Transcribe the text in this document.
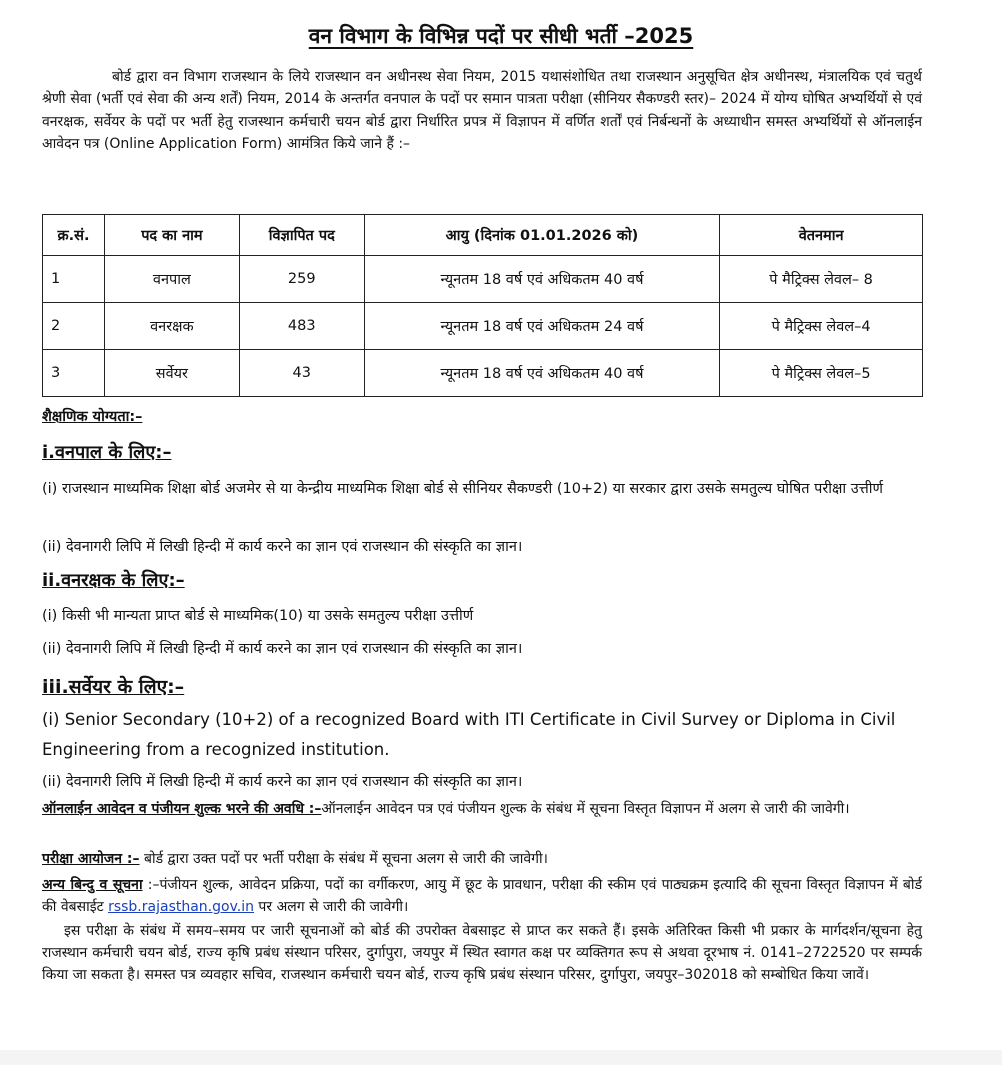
वन विभाग के विभिन्न पदों पर सीधी भर्ती –2025
बोर्ड द्वारा वन विभाग राजस्थान के लिये राजस्थान वन अधीनस्थ सेवा नियम, 2015 यथासंशोधित तथा राजस्थान अनुसूचित क्षेत्र अधीनस्थ, मंत्रालयिक एवं चतुर्थ श्रेणी सेवा (भर्ती एवं सेवा की अन्य शर्तें) नियम, 2014 के अन्तर्गत वनपाल के पदों पर समान पात्रता परीक्षा (सीनियर सैकण्डरी स्तर)– 2024 में योग्य घोषित अभ्यर्थियों से एवं वनरक्षक, सर्वेयर के पदों पर भर्ती हेतु राजस्थान कर्मचारी चयन बोर्ड द्वारा निर्धारित प्रपत्र में विज्ञापन में वर्णित शर्तों एवं निर्बन्धनों के अध्याधीन समस्त अभ्यर्थियों से ऑनलाईन आवेदन पत्र (Online Application Form) आमंत्रित किये जाने हैं :–
क्र.सं.	पद का नाम	विज्ञापित पद	आयु (दिनांक 01.01.2026 को)	वेतनमान
1	वनपाल	259	न्यूनतम 18 वर्ष एवं अधिकतम 40 वर्ष	पे मैट्रिक्स लेवल– 8
2	वनरक्षक	483	न्यूनतम 18 वर्ष एवं अधिकतम 24 वर्ष	पे मैट्रिक्स लेवल–4
3	सर्वेयर	43	न्यूनतम 18 वर्ष एवं अधिकतम 40 वर्ष	पे मैट्रिक्स लेवल–5
शैक्षणिक योग्यता:–
i.वनपाल के लिए:–
(i) राजस्थान माध्यमिक शिक्षा बोर्ड अजमेर से या केन्द्रीय माध्यमिक शिक्षा बोर्ड से सीनियर सैकण्डरी (10+2) या सरकार द्वारा उसके समतुल्य घोषित परीक्षा उत्तीर्ण
(ii) देवनागरी लिपि में लिखी हिन्दी में कार्य करने का ज्ञान एवं राजस्थान की संस्कृति का ज्ञान।
ii.वनरक्षक के लिए:–
(i) किसी भी मान्यता प्राप्त बोर्ड से माध्यमिक(10) या उसके समतुल्य परीक्षा उत्तीर्ण
(ii) देवनागरी लिपि में लिखी हिन्दी में कार्य करने का ज्ञान एवं राजस्थान की संस्कृति का ज्ञान।
iii.सर्वेयर के लिए:–
(i) Senior Secondary (10+2) of a recognized Board with ITI Certificate in Civil Survey or Diploma in Civil Engineering from a recognized institution.
(ii) देवनागरी लिपि में लिखी हिन्दी में कार्य करने का ज्ञान एवं राजस्थान की संस्कृति का ज्ञान।
ऑनलाईन आवेदन व पंजीयन शुल्क भरने की अवधि :–ऑनलाईन आवेदन पत्र एवं पंजीयन शुल्क के संबंध में सूचना विस्तृत विज्ञापन में अलग से जारी की जावेगी।
परीक्षा आयोजन :– बोर्ड द्वारा उक्त पदों पर भर्ती परीक्षा के संबंध में सूचना अलग से जारी की जावेगी।
अन्य बिन्दु व सूचना :–पंजीयन शुल्क, आवेदन प्रक्रिया, पदों का वर्गीकरण, आयु में छूट के प्रावधान, परीक्षा की स्कीम एवं पाठ्यक्रम इत्यादि की सूचना विस्तृत विज्ञापन में बोर्ड की वेबसाईट rssb.rajasthan.gov.in पर अलग से जारी की जावेगी।
इस परीक्षा के संबंध में समय–समय पर जारी सूचनाओं को बोर्ड की उपरोक्त वेबसाइट से प्राप्त कर सकते हैं। इसके अतिरिक्त किसी भी प्रकार के मार्गदर्शन/सूचना हेतु राजस्थान कर्मचारी चयन बोर्ड, राज्य कृषि प्रबंध संस्थान परिसर, दुर्गापुरा, जयपुर में स्थित स्वागत कक्ष पर व्यक्तिगत रूप से अथवा दूरभाष नं. 0141–2722520 पर सम्पर्क किया जा सकता है। समस्त पत्र व्यवहार सचिव, राजस्थान कर्मचारी चयन बोर्ड, राज्य कृषि प्रबंध संस्थान परिसर, दुर्गापुरा, जयपुर–302018 को सम्बोधित किया जावें।
